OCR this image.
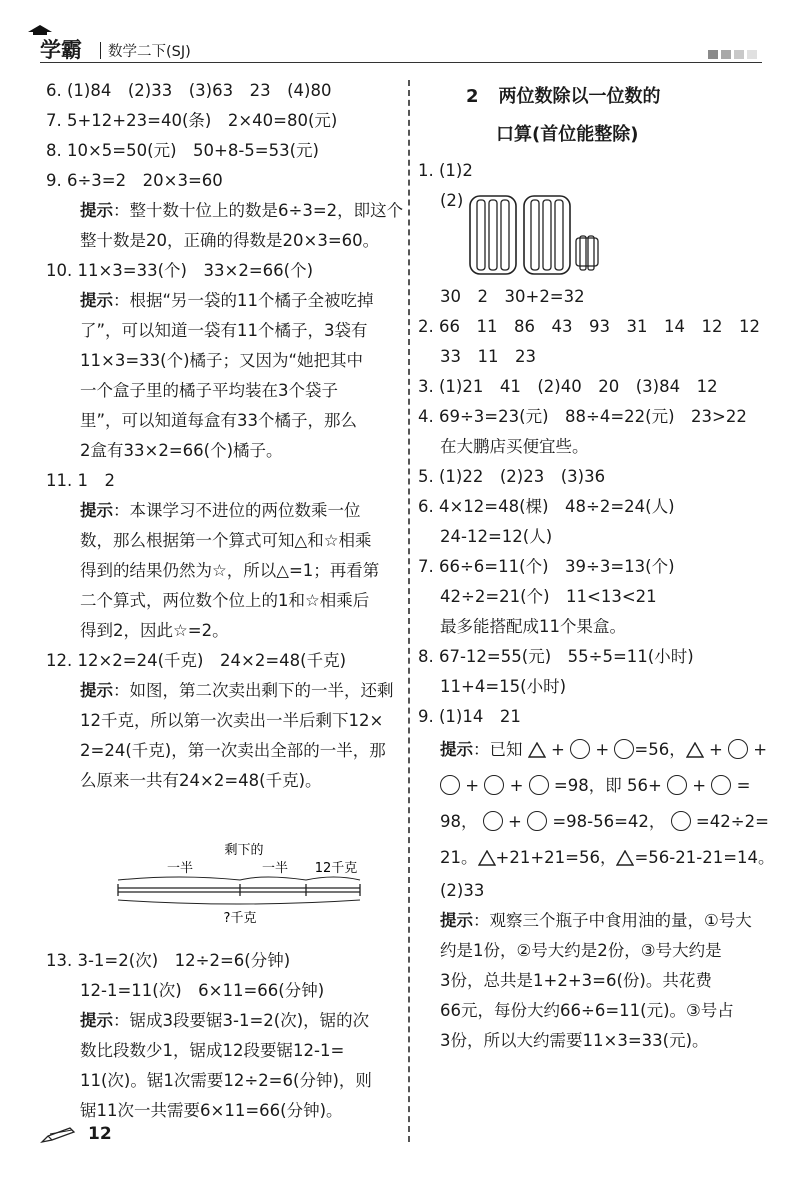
学霸 数学二下(SJ)
6. (1)84　(2)33　(3)63　23　(4)80
7. 5+12+23=40(条)　2×40=80(元)
8. 10×5=50(元)　50+8-5=53(元)
9. 6÷3=2　20×3=60
提示：整十数十位上的数是6÷3=2，即这个
整十数是20，正确的得数是20×3=60。
10. 11×3=33(个)　33×2=66(个)
提示：根据“另一袋的11个橘子全被吃掉
了”，可以知道一袋有11个橘子，3袋有
11×3=33(个)橘子；又因为“她把其中
一个盒子里的橘子平均装在3个袋子
里”，可以知道每盒有33个橘子，那么
2盒有33×2=66(个)橘子。
11. 1　2
提示：本课学习不进位的两位数乘一位
数，那么根据第一个算式可知△和☆相乘
得到的结果仍然为☆，所以△=1；再看第
二个算式，两位数个位上的1和☆相乘后
得到2，因此☆=2。
12. 12×2=24(千克)　24×2=48(千克)
提示：如图，第二次卖出剩下的一半，还剩
12千克，所以第一次卖出一半后剩下12×
2=24(千克)，第一次卖出全部的一半，那
么原来一共有24×2=48(千克)。
13. 3-1=2(次)　12÷2=6(分钟)
12-1=11(次)　6×11=66(分钟)
提示：锯成3段要锯3-1=2(次)，锯的次
数比段数少1，锯成12段要锯12-1=
11(次)。锯1次需要12÷2=6(分钟)，则
锯11次一共需要6×11=66(分钟)。
剩下的
一半	一半 12千克
?千克
2 两位数除以一位数的
口算(首位能整除)
1. (1)2
(2)
30　2　30+2=32
2. 66　11　86　43　93　31　14　12　12
33　11　23
3. (1)21　41　(2)40　20　(3)84　12
4. 69÷3=23(元)　88÷4=22(元)　23>22
在大鹏店买便宜些。
5. (1)22　(2)23　(3)36
6. 4×12=48(棵)　48÷2=24(人)
24-12=12(人)
7. 66÷6=11(个)　39÷3=13(个)
42÷2=21(个)　11<13<21
最多能搭配成11个果盒。
8. 67-12=55(元)　55÷5=11(小时)
11+4=15(小时)
9. (1)14　21
提示：已知  +  + =56， +  +
+  +  =98，即 56+  +  =
98，  +  =98-56=42， =42÷2=
21。 +21+21=56， =56-21-21=14。
(2)33
提示：观察三个瓶子中食用油的量，①号大
约是1份，②号大约是2份，③号大约是
3份，总共是1+2+3=6(份)。共花费
66元，每份大约66÷6=11(元)。③号占
3份，所以大约需要11×3=33(元)。
12
